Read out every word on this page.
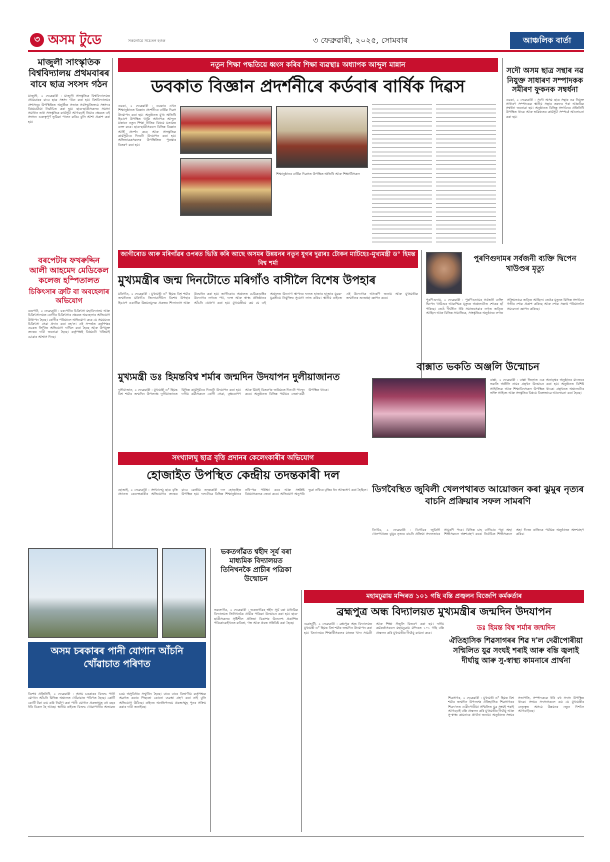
৩ অসম টুডে	সকলোৱে সচেতন হওক	৩ ফেব্ৰুৱাৰী, ২০২৫, সোমবাৰ	আঞ্চলিক বাৰ্তা
মাজুলী সাংস্কৃতিক বিশ্ববিদ্যালয় প্ৰথমবাৰৰ বাবে ছাত্ৰ সংসদ গঠন
মাজুলী, ২ ফেব্ৰুৱাৰী : মাজুলী সাংস্কৃতিক বিশ্ববিদ্যালয়ত প্ৰথমবাৰৰ বাবে ছাত্ৰ সংসদ গঠন কৰা হয়। বিশ্ববিদ্যালয়ৰ প্ৰশাসনৰ উপস্থিতিত অনুষ্ঠিত সভাত সৰ্বসন্মতিক্ৰমে সংসদৰ বিষয়ববীয়া নিৰ্বাচিত কৰা হয়। ছাত্ৰ-ছাত্ৰীসকলৰ সমস্যা সমাধান তথা সাংস্কৃতিক কাৰ্যসূচী আগবঢ়াই নিয়াৰ ক্ষেত্ৰত এই সংসদে গুৰুত্বপূৰ্ণ ভূমিকা পালন কৰিব বুলি আশা প্ৰকাশ কৰা হয়।
বৰপেটাৰ ফখৰুদ্দিন আলী আহমেদ মেডিকেল কলেজ হস্পিতালত
চিকিৎসাৰ ত্ৰুটি বা অবহেলাৰ অভিযোগ
বৰপেটা, ২ ফেব্ৰুৱাৰী : বৰপেটাৰ চিকিৎসা মহাবিদ্যালয় আৰু চিকিৎসালয়ত ৰোগীৰ চিকিৎসাৰ ক্ষেত্ৰত অবহেলাৰ অভিযোগ উত্থাপন হৈছে। ৰোগীৰ পৰিয়ালে অভিযোগ কৰে যে সময়মতে চিকিৎসা সেৱা প্ৰদান কৰা নহ'ল। এই সন্দৰ্ভত কৰ্তৃপক্ষৰ ওচৰত লিখিত অভিযোগ দাখিল কৰা হৈছে আৰু উপযুক্ত তদন্তৰ দাবী জনোৱা হৈছে। কৰ্তৃপক্ষই বিষয়টো খতিয়াই চোৱাৰ আশ্বাস দিছে।
নতুন শিক্ষা পদ্ধতিয়ে ধ্বংস কৰিব শিক্ষা ব্যৱস্থাঃ অধ্যাপক আব্দুল মান্নান
ডবকাত বিজ্ঞান প্ৰদৰ্শনীৰে কৰ্ডবাৰ বাৰ্ষিক দিৱস
ডবকা, ২ ফেব্ৰুৱাৰী : ডবকাৰ এখন শিক্ষানুষ্ঠানত বিজ্ঞান প্ৰদৰ্শনীৰে বাৰ্ষিক দিৱস উদযাপন কৰা হয়। অনুষ্ঠানত মুখ্য অতিথি হিচাপে উপস্থিত থাকি অধ্যাপক আব্দুল মান্নানে নতুন শিক্ষা নীতিৰ বিষয়ে মতামত ব্যক্ত কৰে। ছাত্ৰ-ছাত্ৰীসকলে বিভিন্ন বিজ্ঞান আৰ্হি প্ৰদৰ্শন কৰে আৰু সাংস্কৃতিক কাৰ্যসূচীৰে দিনটো উদযাপন কৰা হয়। অভিভাৱকসকলৰ উপস্থিতিত পুৰস্কাৰ বিতৰণ কৰা হয়।
শিক্ষানুষ্ঠানৰ বাৰ্ষিক দিৱসত উপস্থিত অতিথি আৰু শিক্ষাৰ্থীসকল
সদৌ অসম ছাত্ৰ সন্থাৰ নৱ নিযুক্ত সাধাৰণ সম্পাদকক সমীৰণ ফুকনক সম্বৰ্ধনা
ডবকা, ২ ফেব্ৰুৱাৰী : সদৌ অসম ছাত্ৰ সন্থাৰ নৱ নিযুক্ত সাধাৰণ সম্পাদকক স্থানীয় সন্থাৰ তৰফৰ পৰা আন্তৰিক সম্বৰ্ধনা জনোৱা হয়। অনুষ্ঠানত বিভিন্ন সংগঠনৰ প্ৰতিনিধি উপস্থিত থাকে আৰু ভৱিষ্যতৰ কাৰ্যসূচী সম্পৰ্কে আলোচনা কৰা হয়।
জাগীৰোড আৰু মৰিগাঁৱৰ ওপৰত ভিত্তি কৰি আছে অসমৰ উন্নয়নৰ নতুন যুগৰ দুৱাৰঃ টোকন মাটিহেঃ-মুখ্যমন্ত্ৰী ড° হিমন্ত বিশ্ব শৰ্মা
মুখ্যমন্ত্ৰীৰ জন্ম দিনটোতে মৰিগাঁও বাসীলৈ বিশেষ উপহাৰ
মৰিগাঁও, ২ ফেব্ৰুৱাৰী : মুখ্যমন্ত্ৰী ড° হিমন্ত বিশ্ব শৰ্মাৰ জন্মদিনত মৰিগাঁও জিলাবাসীলৈ বিশেষ উপহাৰ হিচাপে একাধিক উন্নয়নমূলক প্ৰকল্পৰ শিলান্যাস আৰু উদ্বোধন কৰা হয়। জাগীৰোড অঞ্চলত চেমিকণ্ডাক্টৰ উদ্যোগৰ লগতে পথ, দলং আৰু স্বাস্থ্য প্ৰতিষ্ঠানৰ আঁচনি ঘোষণা কৰা হয়। মুখ্যমন্ত্ৰীয়ে কয় যে এই অঞ্চলত উদ্যোগ স্থাপনৰ ফলত হাজাৰ হাজাৰ যুৱক-যুৱতীয়ে নিযুক্তিৰ সুযোগ লাভ কৰিব। স্থানীয় ৰাইজে এই উদ্যোগক আদৰণি জনায় আৰু মুখ্যমন্ত্ৰীক জন্মদিনৰ শুভেচ্ছা জ্ঞাপন কৰে।
পুৰণিগুদামৰ সৰ্বজনী ব্যক্তি দ্বিপেন খাউণ্ডৰ মৃত্যু
পুৰণিগুদাম, ২ ফেব্ৰুৱাৰী : পুৰণিগুদামৰ সৰ্বজনী ব্যক্তি দ্বিপেন খাউণ্ডৰ আকস্মিক মৃত্যুত অঞ্চলটোত শোকৰ ছাঁ পৰিছে। তেওঁ দীৰ্ঘদিন ধৰি সমাজসেৱাৰ লগত জড়িত আছিল আৰু বিভিন্ন সামাজিক, সাংস্কৃতিক অনুষ্ঠানৰ লগত সক্ৰিয়ভাৱে জড়িত আছিল। তেওঁৰ মৃত্যুত বিভিন্ন সংগঠনে গভীৰ শোক প্ৰকাশ কৰিছে আৰু শোক সন্তপ্ত পৰিয়াললৈ সমবেদনা জ্ঞাপন কৰিছে।
বাক্সাত ভকতি অঞ্জলি উন্মোচন
বাক্সা, ২ ফেব্ৰুৱাৰী : বাক্সা জিলাত এক অনাড়ম্বৰ অনুষ্ঠানৰ মাজেৰে ভকতি অঞ্জলি নামৰ গ্ৰন্থখন উন্মোচন কৰা হয়। অনুষ্ঠানত বিশিষ্ট সাহিত্যিক আৰু শিক্ষাবিদসকল উপস্থিত থাকে। গ্ৰন্থখনত অঞ্চলটোৰ ভক্তি সাহিত্য আৰু সংস্কৃতিৰ বিষয়ে বিতংভাৱে আলোচনা কৰা হৈছে।
মুখ্যমন্ত্ৰী ডঃ হিমন্তবিশ্ব শৰ্মাৰ জন্মদিন উদযাপন দুলীয়াজানত
দুলীয়াজান, ২ ফেব্ৰুৱাৰী : মুখ্যমন্ত্ৰী ড° হিমন্ত বিশ্ব শৰ্মাৰ জন্মদিন উপলক্ষে দুলীয়াজানত বিভিন্ন কাৰ্যসূচীৰে দিনটো উদযাপন কৰা হয়। দলীয় কৰ্মীসকলে ৰোগী সেৱা, বৃক্ষৰোপণ আৰু মিঠাই বিতৰণৰ জৰিয়তে দিনটো পালন কৰে। অনুষ্ঠানত বিভিন্ন পৰ্যায়ৰ নেতা-কৰ্মী উপস্থিত থাকে।
সংখ্যালঘু ছাত্ৰ বৃত্তি প্ৰদানৰ কেলেংকাৰীৰ অভিযোগ
হোজাইত উপস্থিত কেন্দ্ৰীয় তদন্তকাৰী দল
হোজাই, ২ ফেব্ৰুৱাৰী : সংখ্যালঘু ছাত্ৰ বৃত্তি প্ৰদানত কেলেংকাৰীৰ অভিযোগৰ তদন্তৰ বাবে কেন্দ্ৰীয় তদন্তকাৰী দল হোজাইত উপস্থিত হয়। দলটোৱে বিভিন্ন শিক্ষানুষ্ঠানৰ নথি-পত্ৰ পৰীক্ষা কৰে আৰু সংশ্লিষ্ট বিষয়াসকলক জেৰা কৰে। অভিযোগ অনুসৰি ভুৱা নথিৰে বৃত্তিৰ ধন আত্মসাৎ কৰা হৈছিল। ডিগবৈস্থিত জুবিলী খেলপথাৰত আয়োজন কৰা ঝুমুৰ নৃত্যৰ বাচনি প্ৰক্ৰিয়াৰ সফল সামৰণি
ডিগবৈ, ২ ফেব্ৰুৱাৰী : ডিগবৈৰ জুবিলী খেলপথাৰত ঝুমুৰ নৃত্যৰ বাচনি প্ৰক্ৰিয়া সফলতাৰে সামৰণি পৰে। বিভিন্ন চাহ বাগিচাৰ পৰা অহা শিল্পীসকলে অংশগ্ৰহণ কৰে। নিৰ্বাচিত শিল্পীসকলে অহা দিনত ৰাজ্যিক পৰ্যায়ৰ অনুষ্ঠানত অংশগ্ৰহণ কৰিব।
অসম চৰকাৰৰ পানী যোগান আঁচনি খোঁৱাচাত পৰিণত
বিশেষ প্ৰতিনিধি, ২ ফেব্ৰুৱাৰী : অসম চৰকাৰৰ বিশুদ্ধ পানী যোগান আঁচনি বিভিন্ন অঞ্চলত খোঁৱাচাত পৰিণত হৈছে। কোটি কোটি টকা ব্যয় কৰি নিৰ্মাণ কৰা পানী যোগান প্ৰকল্পসমূহ বহু বছৰ ধৰি বিকল হৈ আছে। স্থানীয় ৰাইজে বিশুদ্ধ খোৱাপানীৰ অভাৱত চৰম অসুবিধাৰ সন্মুখীন হৈছে। বাৰে বাৰে বিভাগীয় কৰ্তৃপক্ষক অৱগত কৰাৰ পিছতো কোনো ব্যৱস্থা গ্ৰহণ কৰা নাই বুলি অভিযোগ উঠিছে। ৰাইজে অনতিপলমে প্ৰকল্পসমূহ পুনৰ সক্ৰিয় কৰাৰ দাবী জনাইছে।
ভকতগাঁৱত শ্বহীদ সূৰ্য বৰা মাধ্যমিক বিদ্যালয়ত তিনিখনকৈ প্ৰাচীৰ পত্ৰিকা উন্মোচন
ভকতগাঁও, ২ ফেব্ৰুৱাৰী : ভকতগাঁৱৰ শ্বহীদ সূৰ্য বৰা মাধ্যমিক বিদ্যালয়ত তিনিখনকৈ প্ৰাচীৰ পত্ৰিকা উন্মোচন কৰা হয়। ছাত্ৰ-ছাত্ৰীসকলৰ সৃষ্টিশীল প্ৰতিভা বিকাশৰ উদ্দেশ্যে প্ৰকাশিত পত্ৰিকাকেইখনত কবিতা, গল্প আৰু প্ৰবন্ধ সন্নিবিষ্ট কৰা হৈছে।
মহামঢ়ুৱায় মন্দিৰত ১০১ গছি বন্তি প্ৰজ্বলন বিজেপি কৰ্মকৰ্তাৰ
ব্ৰহ্মপুত্ৰ অন্ধ বিদ্যালয়ত মুখ্যমন্ত্ৰীৰ জন্মদিন উদযাপন
গুৱাহাটী, ২ ফেব্ৰুৱাৰী : ব্ৰহ্মপুত্ৰ অন্ধ বিদ্যালয়ত মুখ্যমন্ত্ৰী ড° হিমন্ত বিশ্ব শৰ্মাৰ জন্মদিন উদযাপন কৰা হয়। বিদ্যালয়ৰ শিক্ষাৰ্থীসকলৰ মাজত খাদ্য সামগ্ৰী আৰু শিক্ষা সঁজুলি বিতৰণ কৰা হয়। দলীয় কৰ্মকৰ্তাসকলে মহামঢ়ুৱায় মন্দিৰত ১০১ গছি বন্তি প্ৰজ্বলন কৰি মুখ্যমন্ত্ৰীৰ দীৰ্ঘায়ু কামনা কৰে।
ডঃ হিমন্ত বিশ্ব শৰ্মাৰ জন্মদিন
ঐতিহাসিক শিৱসাগৰৰ শিৱ দ'ল দেৱীপোৰীয়া সন্মিলিত যুৱ সংঘই শৰাই আৰু বন্তি জ্বলাই দীৰ্ঘায়ু আৰু সু-স্বাস্থ্য কামনাৰে প্ৰাৰ্থনা
শিৱসাগৰ, ২ ফেব্ৰুৱাৰী : মুখ্যমন্ত্ৰী ড° হিমন্ত বিশ্ব শৰ্মাৰ জন্মদিন উপলক্ষে ঐতিহাসিক শিৱসাগৰৰ শিৱদ'লত দেৱীপোৰীয়া সন্মিলিত যুৱ সংঘই শৰাই আগবঢ়াই বন্তি প্ৰজ্বলন কৰি মুখ্যমন্ত্ৰীৰ দীৰ্ঘায়ু আৰু সু-স্বাস্থ্য কামনাৰে প্ৰাৰ্থনা জনায়। অনুষ্ঠানত সংঘৰ সভাপতি, সম্পাদককে ধৰি বহু সদস্য উপস্থিত থাকে। সংঘৰ সদস্যসকলে কয় যে মুখ্যমন্ত্ৰীৰ নেতৃত্বত অসমে উন্নয়নৰ নতুন দিশলৈ আগবাঢ়িছে।
